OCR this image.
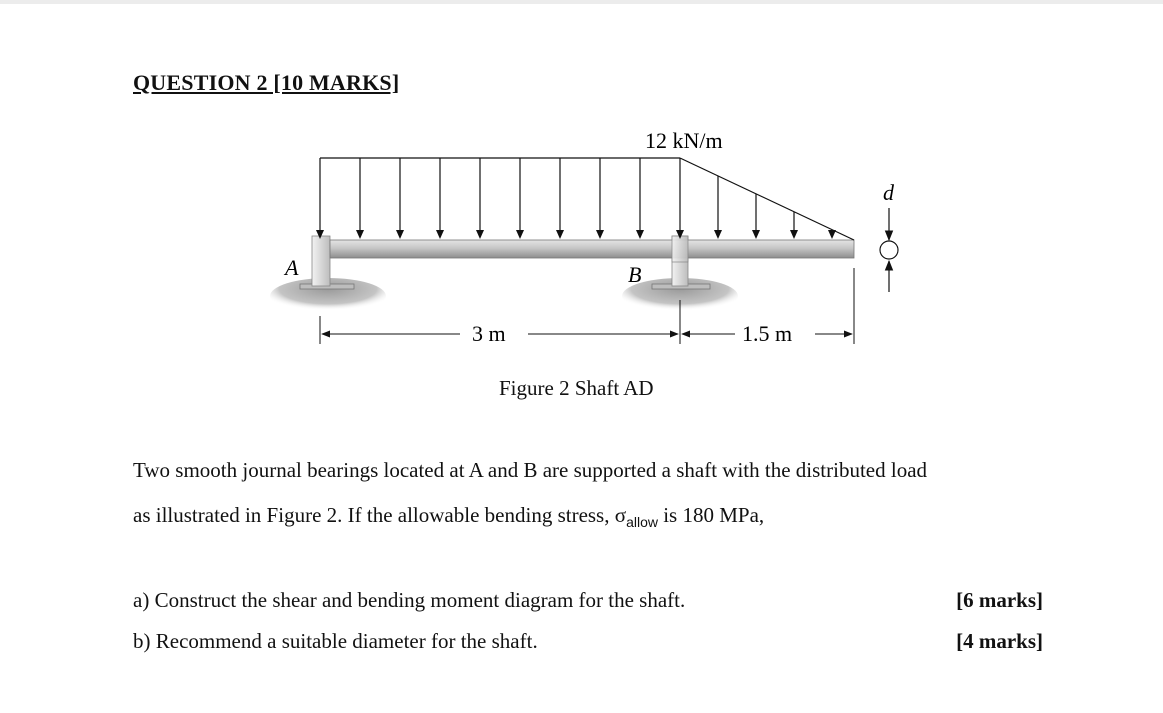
QUESTION 2 [10 MARKS]
12 kN/m
A	B
d
3 m	1.5 m
Figure 2 Shaft AD
Two smooth journal bearings located at A and B are supported a shaft with the distributed load
as illustrated in Figure 2. If the allowable bending stress, $\sigma_{allow}$ is 180 MPa,
a) Construct the shear and bending moment diagram for the shaft.	[6 marks]
b) Recommend a suitable diameter for the shaft.	[4 marks]
